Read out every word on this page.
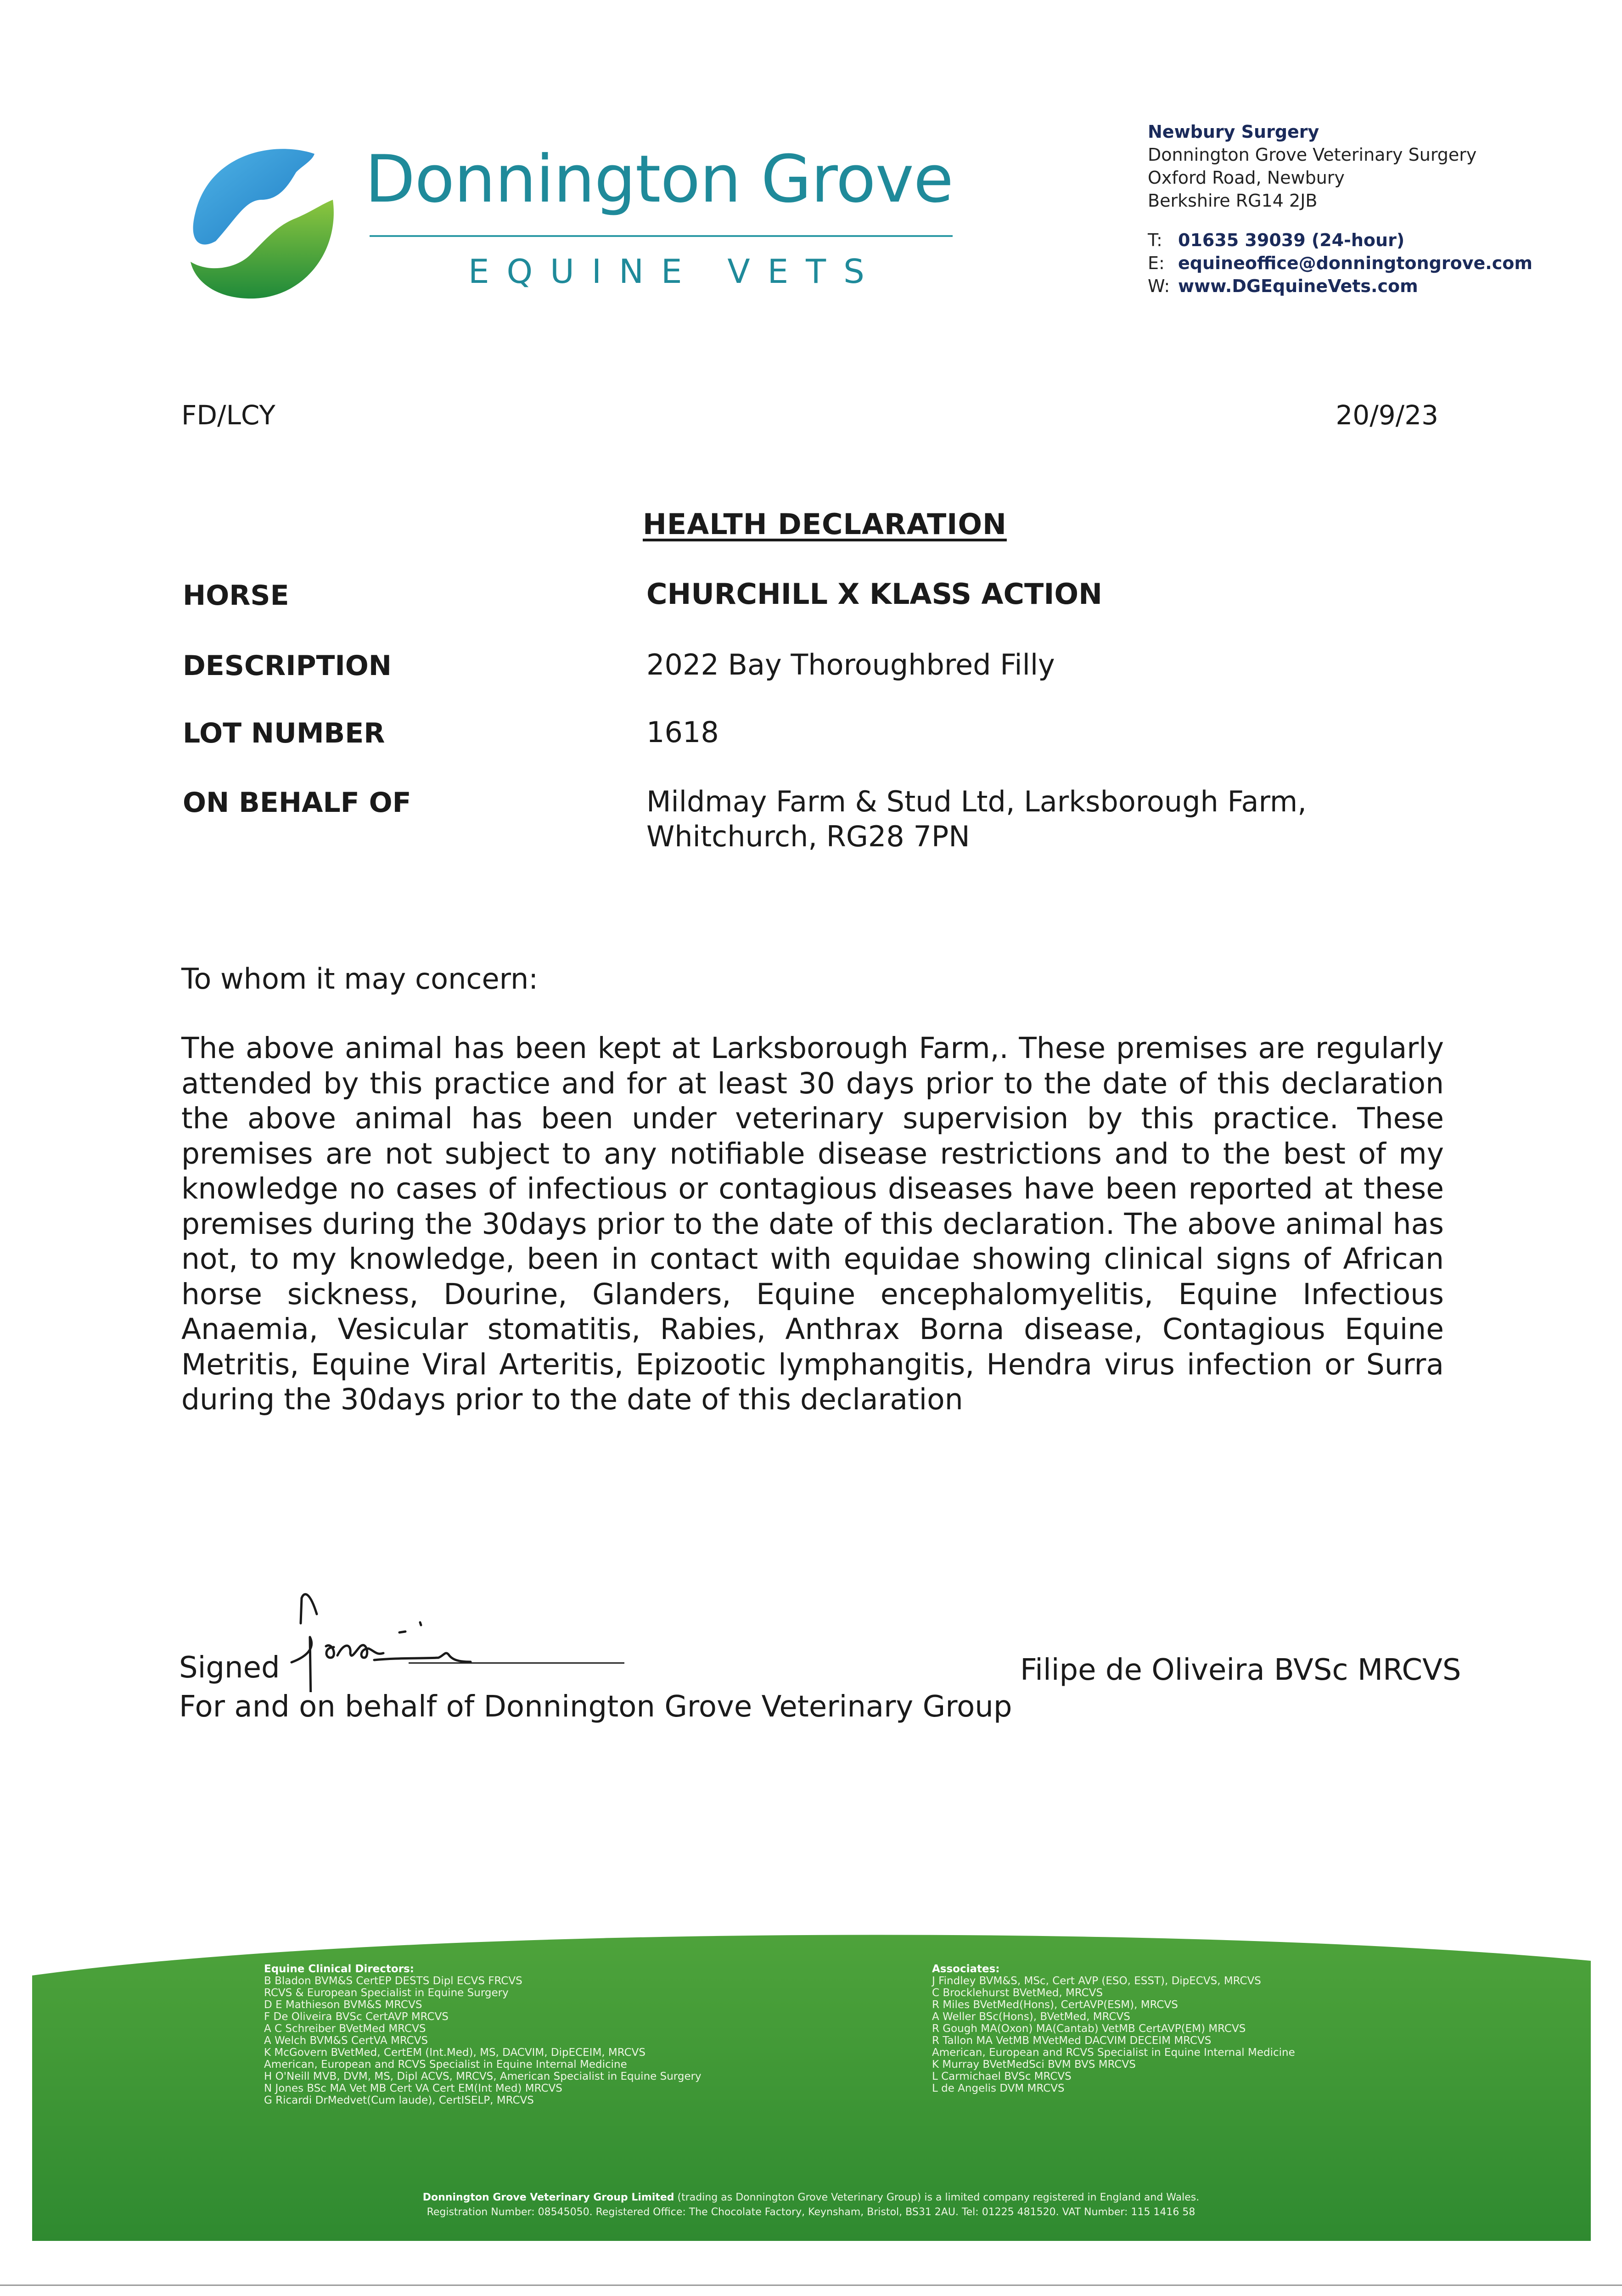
Donnington Grove
EQUINE VETS
Newbury Surgery
Donnington Grove Veterinary Surgery
Oxford Road, Newbury
Berkshire RG14 2JB
T: 01635 39039 (24-hour)
E: equineoffice@donningtongrove.com
W: www.DGEquineVets.com
FD/LCY	20/9/23
HEALTH DECLARATION
HORSE	CHURCHILL X KLASS ACTION
DESCRIPTION	2022 Bay Thoroughbred Filly
LOT NUMBER	1618
ON BEHALF OF	Mildmay Farm & Stud Ltd, Larksborough Farm,
Whitchurch, RG28 7PN
To whom it may concern:
The above animal has been kept at Larksborough Farm,. These premises are regularly attended by this practice and for at least 30 days prior to the date of this declaration the above animal has been under veterinary supervision by this practice. These premises are not subject to any notifiable disease restrictions and to the best of my knowledge no cases of infectious or contagious diseases have been reported at these premises during the 30days prior to the date of this declaration. The above animal has not, to my knowledge, been in contact with equidae showing clinical signs of African horse sickness, Dourine, Glanders, Equine encephalomyelitis, Equine Infectious Anaemia, Vesicular stomatitis, Rabies, Anthrax Borna disease, Contagious Equine Metritis, Equine Viral Arteritis, Epizootic lymphangitis, Hendra virus infection or Surra during the 30days prior to the date of this declaration
Signed
For and on behalf of Donnington Grove Veterinary Group
Filipe de Oliveira BVSc MRCVS
Equine Clinical Directors:
B Bladon BVM&S CertEP DESTS Dipl ECVS FRCVS
RCVS & European Specialist in Equine Surgery
D E Mathieson BVM&S MRCVS
F De Oliveira BVSc CertAVP MRCVS
A C Schreiber BVetMed MRCVS
A Welch BVM&S CertVA MRCVS
K McGovern BVetMed, CertEM (Int.Med), MS, DACVIM, DipECEIM, MRCVS
American, European and RCVS Specialist in Equine Internal Medicine
H O'Neill MVB, DVM, MS, Dipl ACVS, MRCVS, American Specialist in Equine Surgery
N Jones BSc MA Vet MB Cert VA Cert EM(Int Med) MRCVS
G Ricardi DrMedvet(Cum laude), CertISELP, MRCVS
Associates:
J Findley BVM&S, MSc, Cert AVP (ESO, ESST), DipECVS, MRCVS
C Brocklehurst BVetMed, MRCVS
R Miles BVetMed(Hons), CertAVP(ESM), MRCVS
A Weller BSc(Hons), BVetMed, MRCVS
R Gough MA(Oxon) MA(Cantab) VetMB CertAVP(EM) MRCVS
R Tallon MA VetMB MVetMed DACVIM DECEIM MRCVS
American, European and RCVS Specialist in Equine Internal Medicine
K Murray BVetMedSci BVM BVS MRCVS
L Carmichael BVSc MRCVS
L de Angelis DVM MRCVS
Donnington Grove Veterinary Group Limited (trading as Donnington Grove Veterinary Group) is a limited company registered in England and Wales.
Registration Number: 08545050. Registered Office: The Chocolate Factory, Keynsham, Bristol, BS31 2AU. Tel: 01225 481520. VAT Number: 115 1416 58
